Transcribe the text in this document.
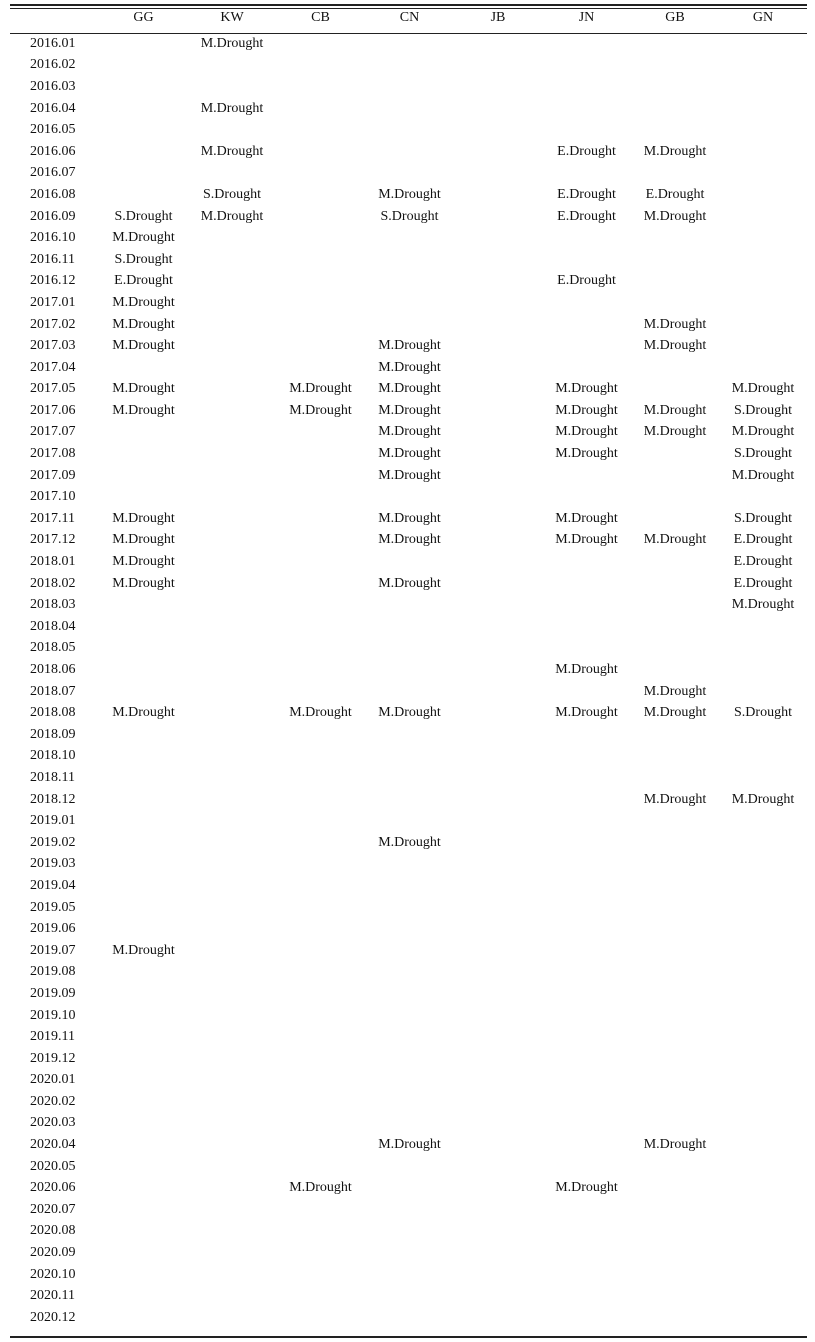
	GG	KW	CB	CN	JB	JN	GB	GN
2016.01		M.Drought						
2016.02								
2016.03								
2016.04		M.Drought						
2016.05								
2016.06		M.Drought				E.Drought	M.Drought	
2016.07								
2016.08		S.Drought		M.Drought		E.Drought	E.Drought	
2016.09	S.Drought	M.Drought		S.Drought		E.Drought	M.Drought	
2016.10	M.Drought							
2016.11	S.Drought							
2016.12	E.Drought					E.Drought		
2017.01	M.Drought							
2017.02	M.Drought						M.Drought	
2017.03	M.Drought			M.Drought			M.Drought	
2017.04				M.Drought				
2017.05	M.Drought		M.Drought	M.Drought		M.Drought		M.Drought
2017.06	M.Drought		M.Drought	M.Drought		M.Drought	M.Drought	S.Drought
2017.07				M.Drought		M.Drought	M.Drought	M.Drought
2017.08				M.Drought		M.Drought		S.Drought
2017.09				M.Drought				M.Drought
2017.10								
2017.11	M.Drought			M.Drought		M.Drought		S.Drought
2017.12	M.Drought			M.Drought		M.Drought	M.Drought	E.Drought
2018.01	M.Drought							E.Drought
2018.02	M.Drought			M.Drought				E.Drought
2018.03								M.Drought
2018.04								
2018.05								
2018.06						M.Drought		
2018.07							M.Drought	
2018.08	M.Drought		M.Drought	M.Drought		M.Drought	M.Drought	S.Drought
2018.09								
2018.10								
2018.11								
2018.12							M.Drought	M.Drought
2019.01								
2019.02				M.Drought				
2019.03								
2019.04								
2019.05								
2019.06								
2019.07	M.Drought							
2019.08								
2019.09								
2019.10								
2019.11								
2019.12								
2020.01								
2020.02								
2020.03								
2020.04				M.Drought			M.Drought	
2020.05								
2020.06			M.Drought			M.Drought		
2020.07								
2020.08								
2020.09								
2020.10								
2020.11								
2020.12								
